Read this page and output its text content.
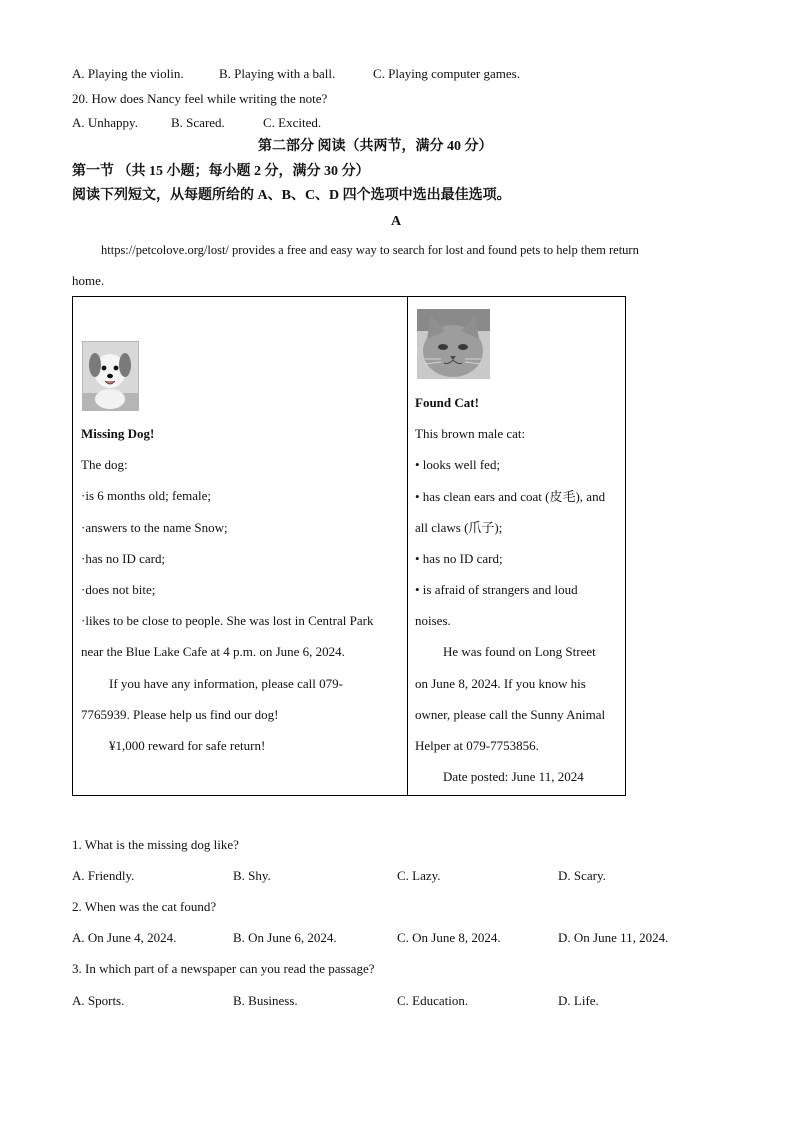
A. Playing the violin.	B. Playing with a ball.	C. Playing computer games.
20. How does Nancy feel while writing the note?
A. Unhappy.	B. Scared.	C. Excited.
第二部分 阅读（共两节，满分 40 分）
第一节 （共 15 小题；每小题 2 分，满分 30 分）
阅读下列短文，从每题所给的 A、B、C、D 四个选项中选出最佳选项。
A
https://petcolove.org/lost/ provides a free and easy way to search for lost and found pets to help them return
home.
Missing Dog!
The dog:
·is 6 months old; female;
·answers to the name Snow;
·has no ID card;
·does not bite;
·likes to be close to people. She was lost in Central Park
near the Blue Lake Cafe at 4 p.m. on June 6, 2024.
If you have any information, please call 079-
7765939. Please help us find our dog!
¥1,000 reward for safe return!
Found Cat!
This brown male cat:
• looks well fed;
• has clean ears and coat (皮毛), and
all claws (爪子);
• has no ID card;
• is afraid of strangers and loud
noises.
He was found on Long Street
on June 8, 2024. If you know his
owner, please call the Sunny Animal
Helper at 079-7753856.
Date posted: June 11, 2024
1. What is the missing dog like?
A. Friendly.	B. Shy.	C. Lazy.	D. Scary.
2. When was the cat found?
A. On June 4, 2024.	B. On June 6, 2024.	C. On June 8, 2024.	D. On June 11, 2024.
3. In which part of a newspaper can you read the passage?
A. Sports.	B. Business.	C. Education.	D. Life.
